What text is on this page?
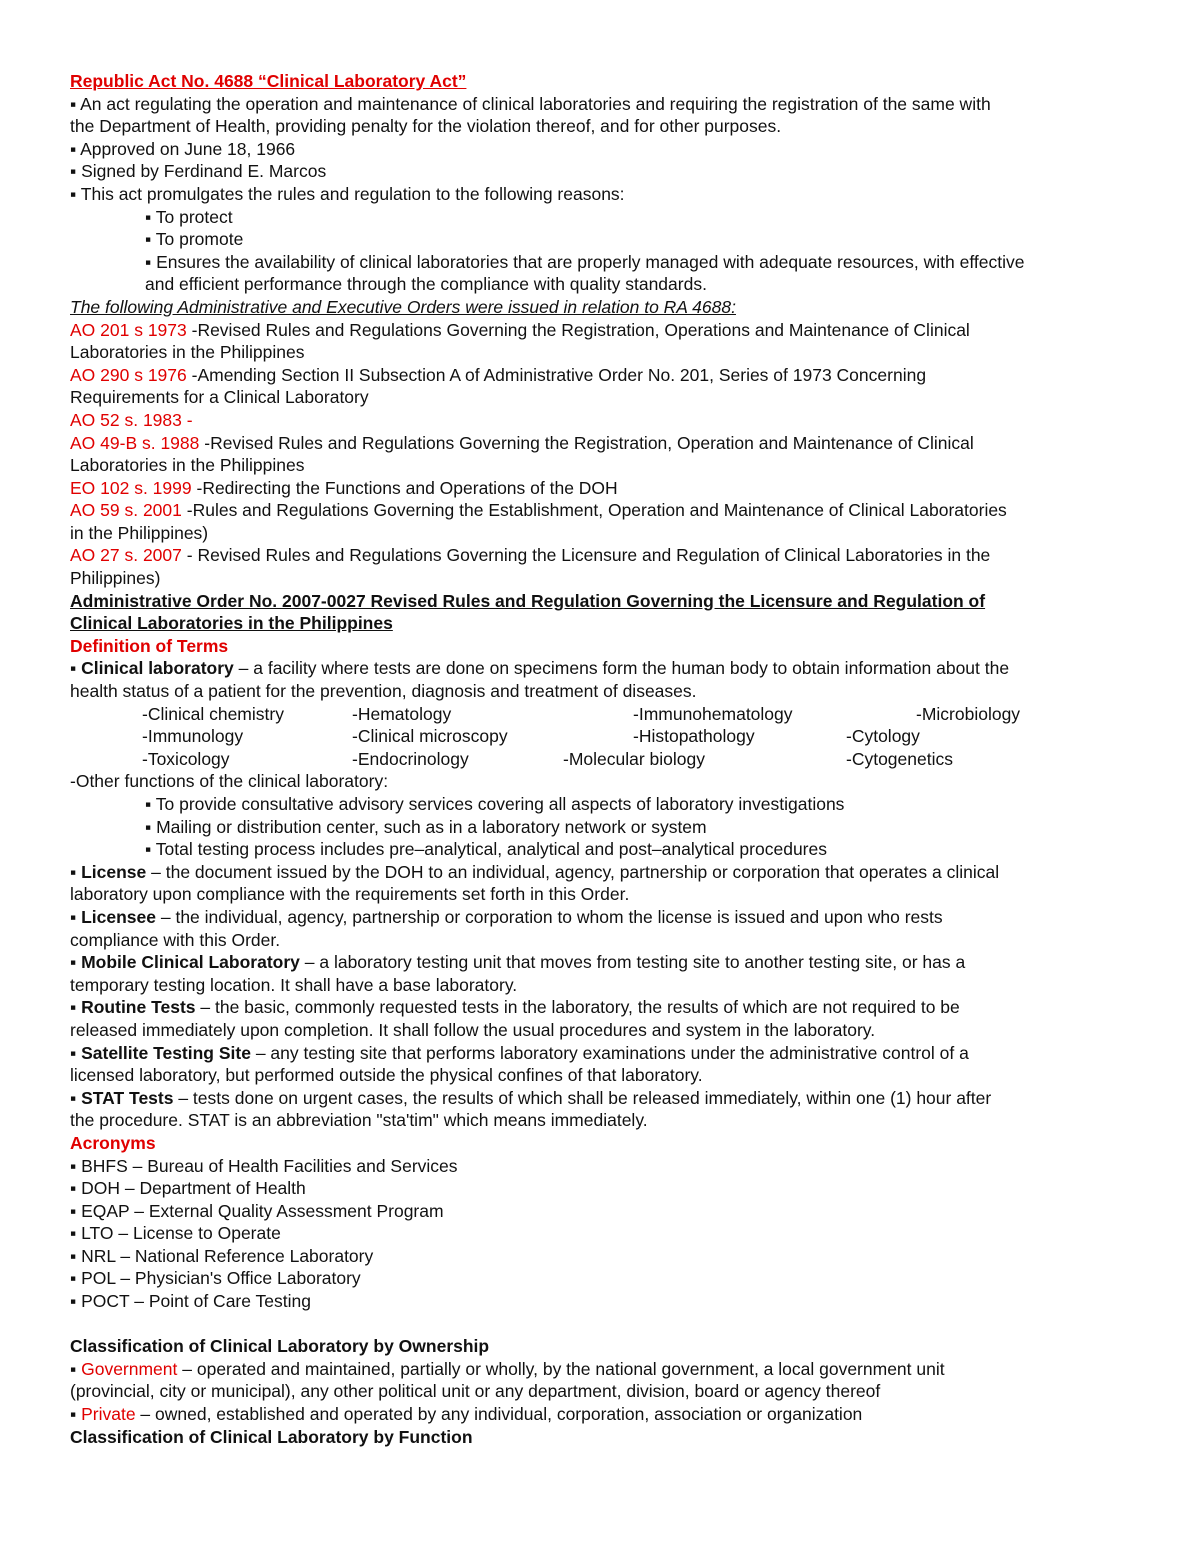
Republic Act No. 4688 “Clinical Laboratory Act”
▪ An act regulating the operation and maintenance of clinical laboratories and requiring the registration of the same with
the Department of Health, providing penalty for the violation thereof, and for other purposes.
▪ Approved on June 18, 1966
▪ Signed by Ferdinand E. Marcos
▪ This act promulgates the rules and regulation to the following reasons:
▪ To protect
▪ To promote
▪ Ensures the availability of clinical laboratories that are properly managed with adequate resources, with effective
and efficient performance through the compliance with quality standards.
The following Administrative and Executive Orders were issued in relation to RA 4688:
AO 201 s 1973 -Revised Rules and Regulations Governing the Registration, Operations and Maintenance of Clinical
Laboratories in the Philippines
AO 290 s 1976 -Amending Section II Subsection A of Administrative Order No. 201, Series of 1973 Concerning
Requirements for a Clinical Laboratory
AO 52 s. 1983 -
AO 49-B s. 1988 -Revised Rules and Regulations Governing the Registration, Operation and Maintenance of Clinical
Laboratories in the Philippines
EO 102 s. 1999 -Redirecting the Functions and Operations of the DOH
AO 59 s. 2001 -Rules and Regulations Governing the Establishment, Operation and Maintenance of Clinical Laboratories
in the Philippines)
AO 27 s. 2007 - Revised Rules and Regulations Governing the Licensure and Regulation of Clinical Laboratories in the
Philippines)
Administrative Order No. 2007-0027 Revised Rules and Regulation Governing the Licensure and Regulation of
Clinical Laboratories in the Philippines
Definition of Terms
▪ Clinical laboratory – a facility where tests are done on specimens form the human body to obtain information about the
health status of a patient for the prevention, diagnosis and treatment of diseases.
-Clinical chemistry	-Hematology	-Immunohematology	-Microbiology
-Immunology	-Clinical microscopy	-Histopathology	-Cytology
-Toxicology	-Endocrinology	-Molecular biology	-Cytogenetics
-Other functions of the clinical laboratory:
▪ To provide consultative advisory services covering all aspects of laboratory investigations
▪ Mailing or distribution center, such as in a laboratory network or system
▪ Total testing process includes pre–analytical, analytical and post–analytical procedures
▪ License – the document issued by the DOH to an individual, agency, partnership or corporation that operates a clinical
laboratory upon compliance with the requirements set forth in this Order.
▪ Licensee – the individual, agency, partnership or corporation to whom the license is issued and upon who rests
compliance with this Order.
▪ Mobile Clinical Laboratory – a laboratory testing unit that moves from testing site to another testing site, or has a
temporary testing location. It shall have a base laboratory.
▪ Routine Tests – the basic, commonly requested tests in the laboratory, the results of which are not required to be
released immediately upon completion. It shall follow the usual procedures and system in the laboratory.
▪ Satellite Testing Site – any testing site that performs laboratory examinations under the administrative control of a
licensed laboratory, but performed outside the physical confines of that laboratory.
▪ STAT Tests – tests done on urgent cases, the results of which shall be released immediately, within one (1) hour after
the procedure. STAT is an abbreviation "sta'tim" which means immediately.
Acronyms
▪ BHFS – Bureau of Health Facilities and Services
▪ DOH – Department of Health
▪ EQAP – External Quality Assessment Program
▪ LTO – License to Operate
▪ NRL – National Reference Laboratory
▪ POL – Physician's Office Laboratory
▪ POCT – Point of Care Testing
Classification of Clinical Laboratory by Ownership
▪ Government – operated and maintained, partially or wholly, by the national government, a local government unit
(provincial, city or municipal), any other political unit or any department, division, board or agency thereof
▪ Private – owned, established and operated by any individual, corporation, association or organization
Classification of Clinical Laboratory by Function
